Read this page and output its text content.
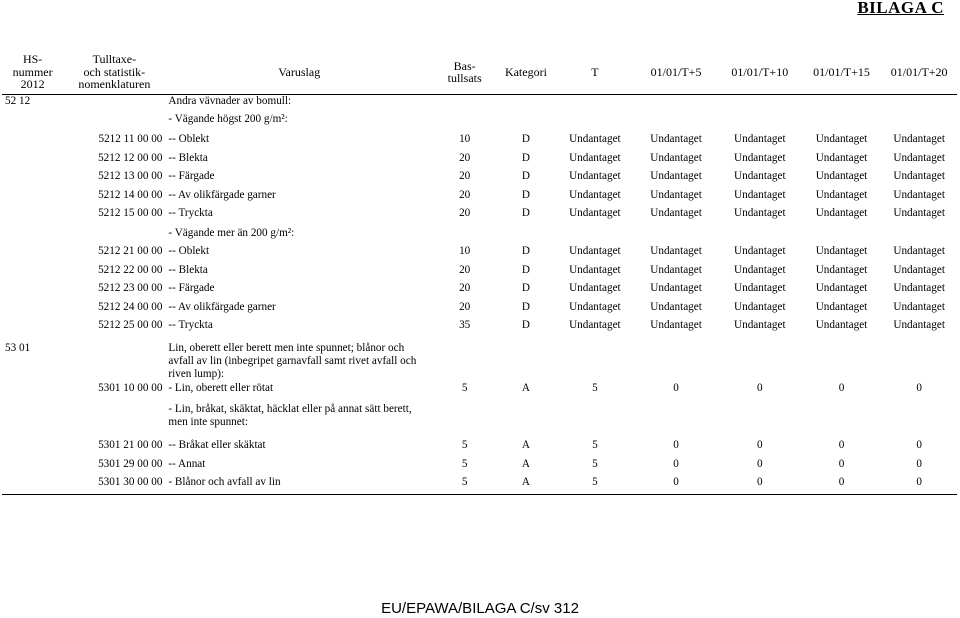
BILAGA C
HS-
nummer
2012	Tulltaxe-
och statistik-
nomenklaturen	Varuslag	Bas-
tullsats	Kategori	T	01/01/T+5	01/01/T+10	01/01/T+15	01/01/T+20
52 12		Andra vävnader av bomull:							
		- Vägande högst 200 g/m²:							
	5212 11 00 00	-- Oblekt	10	D	Undantaget	Undantaget	Undantaget	Undantaget	Undantaget
	5212 12 00 00	-- Blekta	20	D	Undantaget	Undantaget	Undantaget	Undantaget	Undantaget
	5212 13 00 00	-- Färgade	20	D	Undantaget	Undantaget	Undantaget	Undantaget	Undantaget
	5212 14 00 00	-- Av olikfärgade garner	20	D	Undantaget	Undantaget	Undantaget	Undantaget	Undantaget
	5212 15 00 00	-- Tryckta	20	D	Undantaget	Undantaget	Undantaget	Undantaget	Undantaget
		- Vägande mer än 200 g/m²:							
	5212 21 00 00	-- Oblekt	10	D	Undantaget	Undantaget	Undantaget	Undantaget	Undantaget
	5212 22 00 00	-- Blekta	20	D	Undantaget	Undantaget	Undantaget	Undantaget	Undantaget
	5212 23 00 00	-- Färgade	20	D	Undantaget	Undantaget	Undantaget	Undantaget	Undantaget
	5212 24 00 00	-- Av olikfärgade garner	20	D	Undantaget	Undantaget	Undantaget	Undantaget	Undantaget
	5212 25 00 00	-- Tryckta	35	D	Undantaget	Undantaget	Undantaget	Undantaget	Undantaget
53 01		Lin, oberett eller berett men inte spunnet; blånor och avfall av lin (inbegripet garnavfall samt rivet avfall och riven lump):							
	5301 10 00 00	- Lin, oberett eller rötat	5	A	5	0	0	0	0
		- Lin, bråkat, skäktat, häcklat eller på annat sätt berett, men inte spunnet:							
	5301 21 00 00	-- Bråkat eller skäktat	5	A	5	0	0	0	0
	5301 29 00 00	-- Annat	5	A	5	0	0	0	0
	5301 30 00 00	- Blånor och avfall av lin	5	A	5	0	0	0	0
EU/EPAWA/BILAGA C/sv 312
